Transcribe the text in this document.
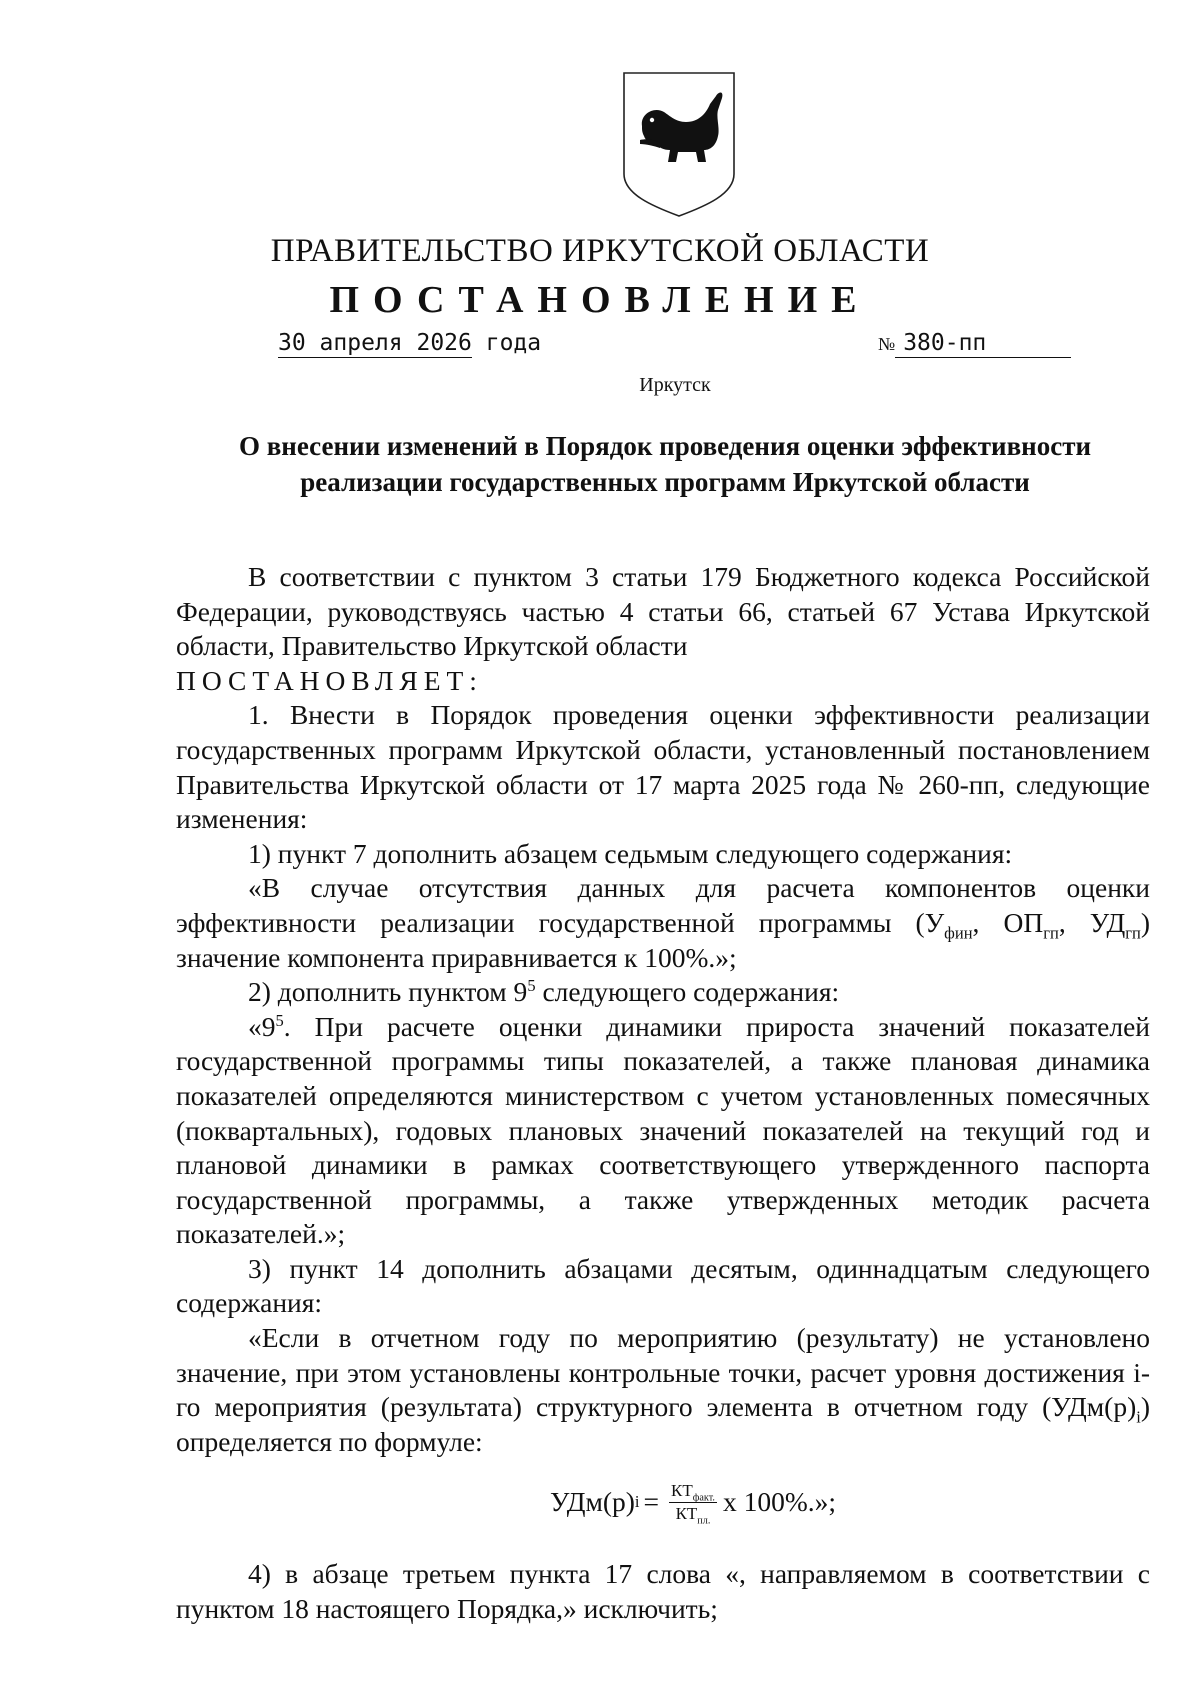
ПРАВИТЕЛЬСТВО ИРКУТСКОЙ ОБЛАСТИ
ПОСТАНОВЛЕНИЕ
30 апреля 2026 года	№ 380-пп
Иркутск
О внесении изменений в Порядок проведения оценки эффективности
реализации государственных программ Иркутской области

В соответствии с пунктом 3 статьи 179 Бюджетного кодекса Российской Федерации, руководствуясь частью 4 статьи 66, статьей 67 Устава Иркутской области, Правительство Иркутской области

ПОСТАНОВЛЯЕТ:

1. Внести в Порядок проведения оценки эффективности реализации государственных программ Иркутской области, установленный постановлением Правительства Иркутской области от 17 марта 2025 года № 260-пп, следующие изменения:

1) пункт 7 дополнить абзацем седьмым следующего содержания:

«В случае отсутствия данных для расчета компонентов оценки эффективности реализации государственной программы ($У_{фин}$, $ОП_{гп}$, $УД_{гп}$) значение компонента приравнивается к 100%.»;

2) дополнить пунктом $9^5$ следующего содержания:

«$9^5$. При расчете оценки динамики прироста значений показателей государственной программы типы показателей, а также плановая динамика показателей определяются министерством с учетом установленных помесячных (поквартальных), годовых плановых значений показателей на текущий год и плановой динамики в рамках соответствующего утвержденного паспорта государственной программы, а также утвержденных методик расчета показателей.»;

3) пункт 14 дополнить абзацами десятым, одиннадцатым следующего содержания:

«Если в отчетном году по мероприятию (результату) не установлено значение, при этом установлены контрольные точки, расчет уровня достижения i-го мероприятия (результата) структурного элемента в отчетном году $(УДм(р)_i)$ определяется по формуле:

УДм(р) $i = \frac{КТ_{факт.}}{КТ_{пл.}}$ х 100%.»;

4) в абзаце третьем пункта 17 слова «, направляемом в соответствии с пунктом 18 настоящего Порядка,» исключить;
